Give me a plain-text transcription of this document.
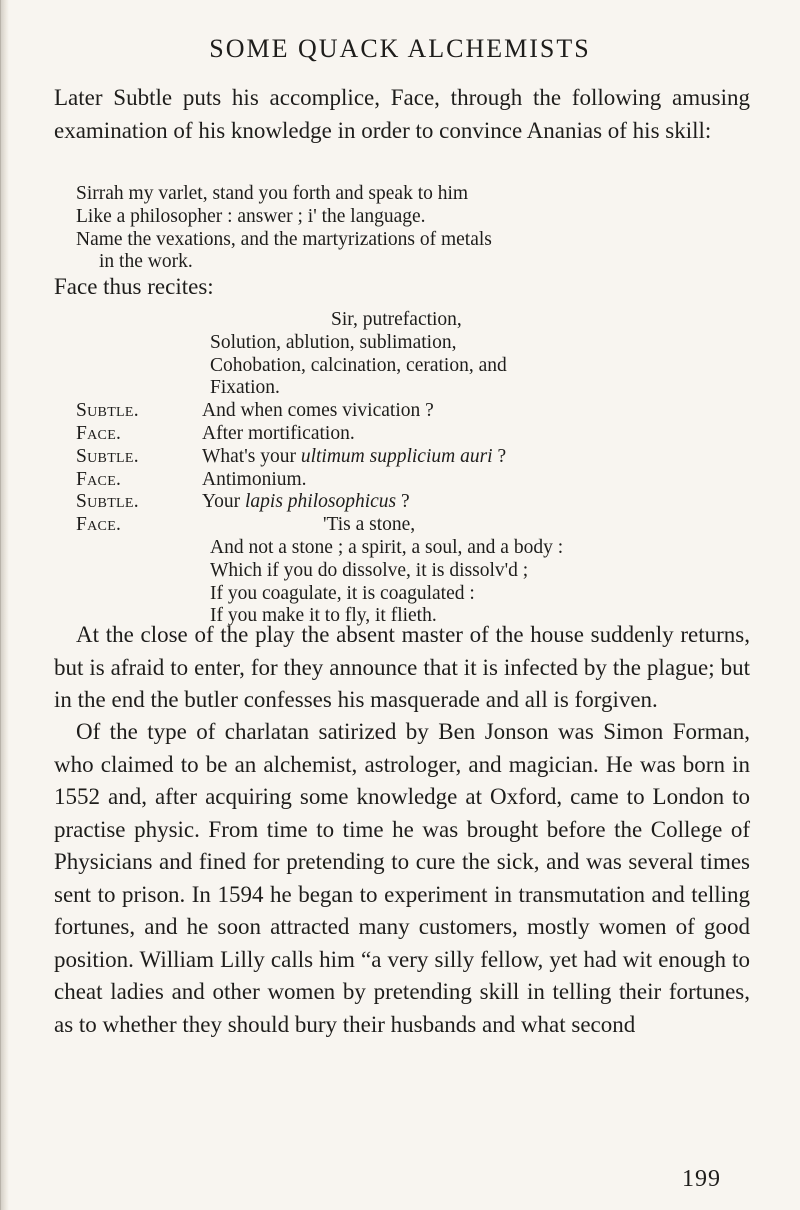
SOME QUACK ALCHEMISTS

Later Subtle puts his accomplice, Face, through the following amusing examination of his knowledge in order to convince Ananias of his skill:

Sirrah my varlet, stand you forth and speak to him
Like a philosopher : answer ; i' the language.
Name the vexations, and the martyrizations of metals
in the work.

Face thus recites:

Sir, putrefaction,
Solution, ablution, sublimation,
Cohobation, calcination, ceration, and
Fixation.
Subtle.	And when comes vivication ?
Face.	After mortification.
Subtle.	What's your ultimum supplicium auri ?
Face.	Antimonium.
Subtle.	Your lapis philosophicus ?
Face.	'Tis a stone,
And not a stone ; a spirit, a soul, and a body :
Which if you do dissolve, it is dissolv'd ;
If you coagulate, it is coagulated :
If you make it to fly, it flieth.

At the close of the play the absent master of the house suddenly returns, but is afraid to enter, for they announce that it is infected by the plague; but in the end the butler confesses his masquerade and all is forgiven.

Of the type of charlatan satirized by Ben Jonson was Simon Forman, who claimed to be an alchemist, astrologer, and magician. He was born in 1552 and, after acquiring some knowledge at Oxford, came to London to practise physic. From time to time he was brought before the College of Physicians and fined for pretending to cure the sick, and was several times sent to prison. In 1594 he began to experiment in transmutation and telling fortunes, and he soon attracted many customers, mostly women of good position. William Lilly calls him “a very silly fellow, yet had wit enough to cheat ladies and other women by pretending skill in telling their fortunes, as to whether they should bury their husbands and what second

199
